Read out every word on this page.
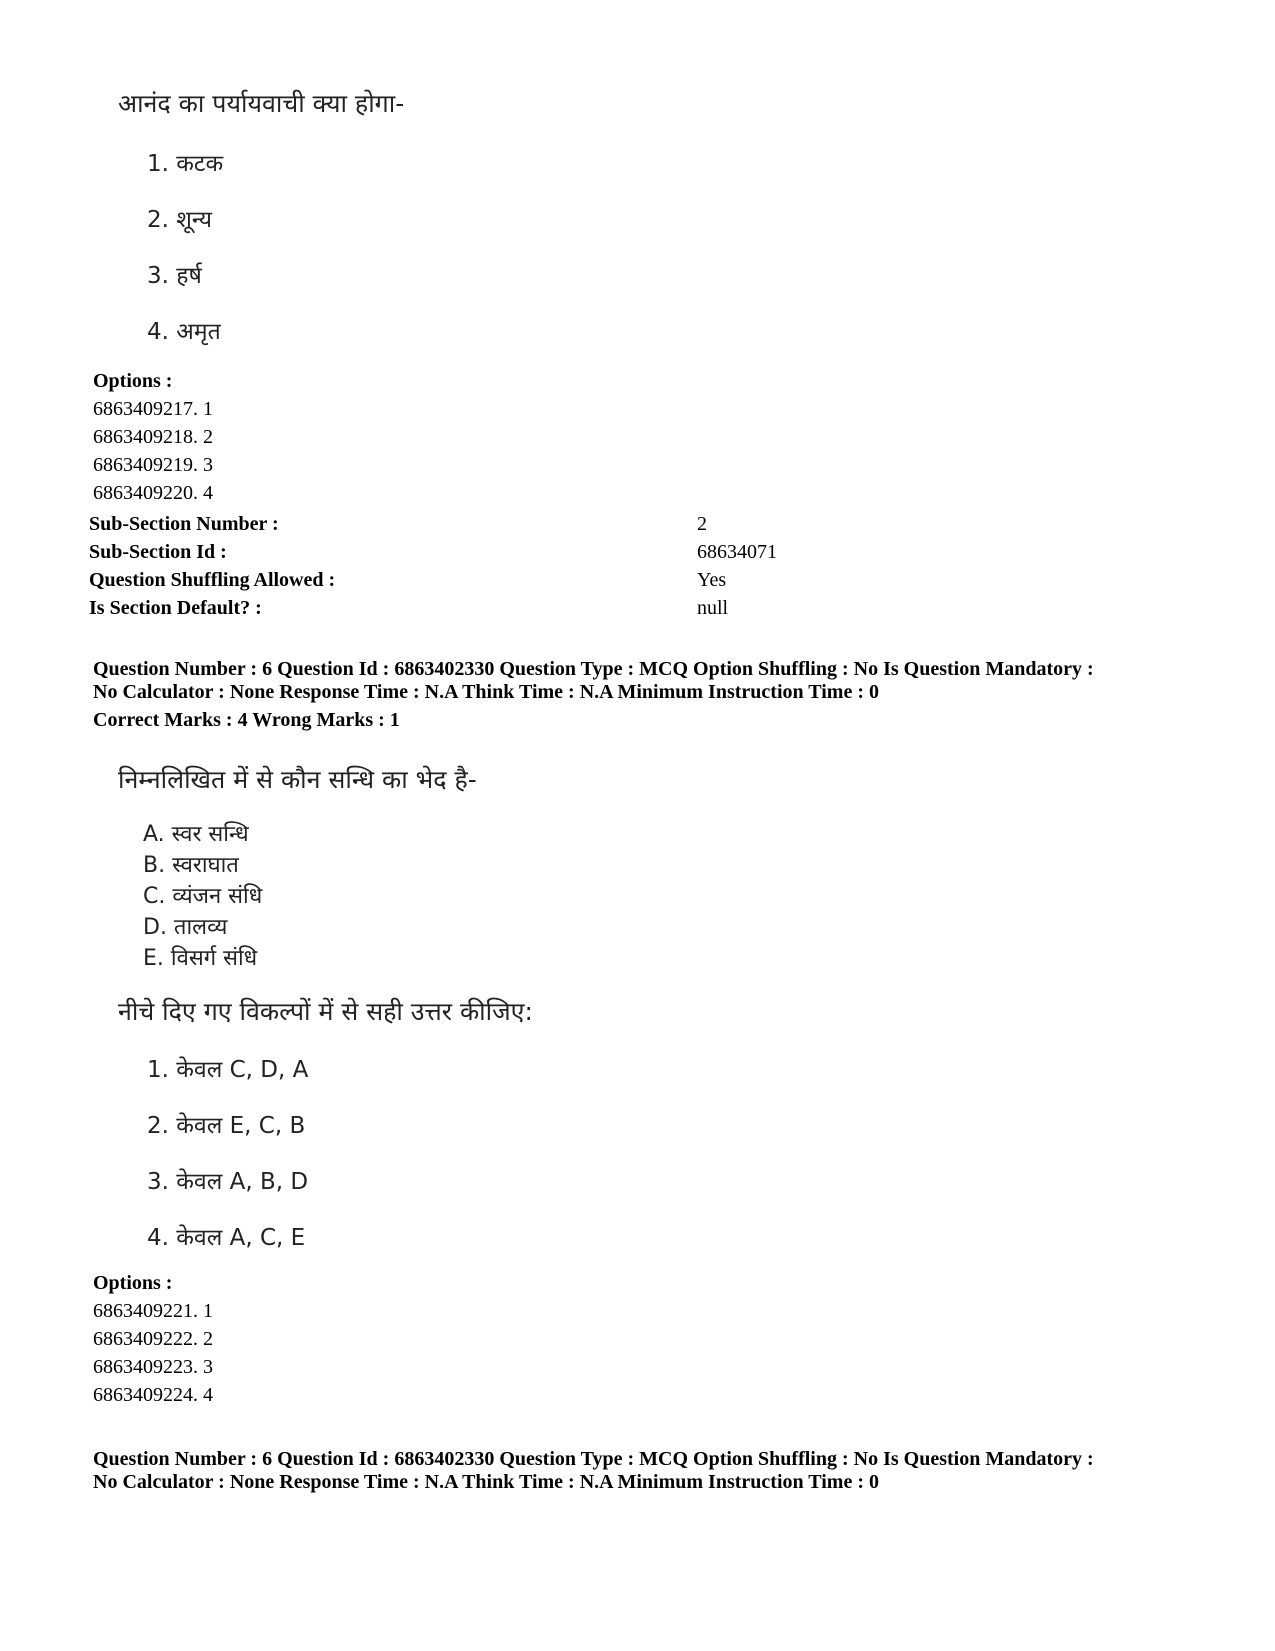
आनंद का पर्यायवाची क्या होगा-
1. कटक
2. शून्य
3. हर्ष
4. अमृत
Options :
6863409217. 1
6863409218. 2
6863409219. 3
6863409220. 4
Sub-Section Number :	2
Sub-Section Id :	68634071
Question Shuffling Allowed :	Yes
Is Section Default? :	null
Question Number : 6 Question Id : 6863402330 Question Type : MCQ Option Shuffling : No Is Question Mandatory :
No Calculator : None Response Time : N.A Think Time : N.A Minimum Instruction Time : 0
Correct Marks : 4 Wrong Marks : 1
निम्नलिखित में से कौन सन्धि का भेद है-
A. स्वर सन्धि
B. स्वराघात
C. व्यंजन संधि
D. तालव्य
E. विसर्ग संधि
नीचे दिए गए विकल्पों में से सही उत्तर कीजिए:
1. केवल C, D, A
2. केवल E, C, B
3. केवल A, B, D
4. केवल A, C, E
Options :
6863409221. 1
6863409222. 2
6863409223. 3
6863409224. 4
Question Number : 6 Question Id : 6863402330 Question Type : MCQ Option Shuffling : No Is Question Mandatory :
No Calculator : None Response Time : N.A Think Time : N.A Minimum Instruction Time : 0
